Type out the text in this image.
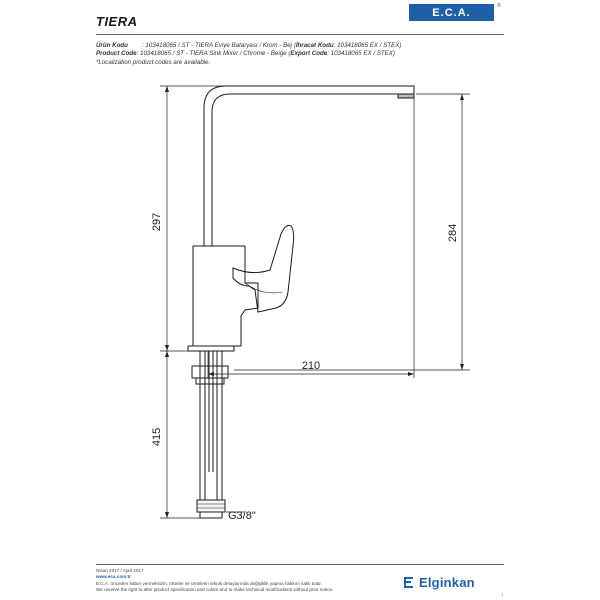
TIERA
E.C.A.
®
Ürün Kodu : 103418065 / ST - TIERA Eviye Bataryası / Krom - Bej (İhracat Kodu: 103418065 EX / STEX)
Product Code: 103418065 / ST - TIERA Sink Mixer / Chrome - Beige (Export Code: 103418065 EX / STEX)
*Localization product codes are available.
297
415
284
210
G3/8"
Nisan 2017 / April 2017
www.eca.com.tr
E.C.A. önceden haber vermeksizin, ürünler ve ürünlerin teknik detaylarında değişiklik yapma hakkını saklı tutar.
We reserve the right to alter product specification and colors and to make technical modifications without prior notice.	Elginkan
1
